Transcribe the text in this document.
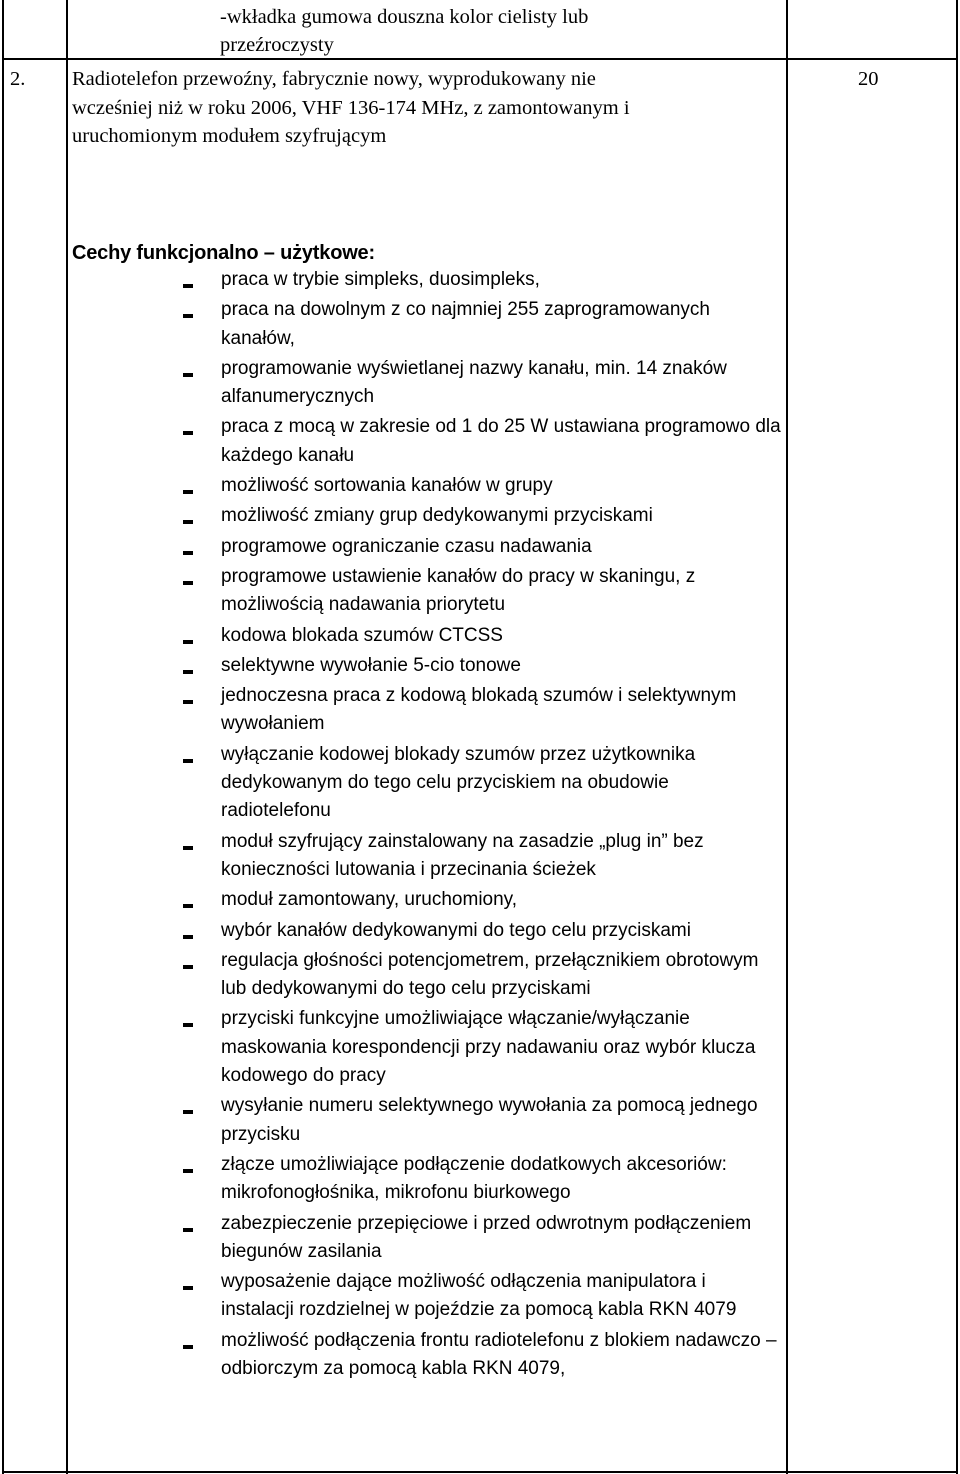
-wkładka gumowa douszna kolor cielisty lub
przeźroczysty
2. Radiotelefon przewoźny, fabrycznie nowy, wyprodukowany nie
wcześniej niż w roku 2006, VHF 136-174 MHz, z zamontowanym i
uruchomionym modułem szyfrującym
20
Cechy funkcjonalno – użytkowe:
praca w trybie simpleks, duosimpleks,
praca na dowolnym z co najmniej 255 zaprogramowanych kanałów,
programowanie wyświetlanej nazwy kanału, min. 14 znaków alfanumerycznych
praca z mocą w zakresie od 1 do 25 W ustawiana programowo dla każdego kanału
możliwość sortowania kanałów w grupy
możliwość zmiany grup dedykowanymi przyciskami
programowe ograniczanie czasu nadawania
programowe ustawienie kanałów do pracy w skaningu, z możliwością nadawania priorytetu
kodowa blokada szumów CTCSS
selektywne wywołanie 5-cio tonowe
jednoczesna praca z kodową blokadą szumów i selektywnym wywołaniem
wyłączanie kodowej blokady szumów przez użytkownika dedykowanym do tego celu przyciskiem na obudowie radiotelefonu
moduł szyfrujący zainstalowany na zasadzie „plug in” bez konieczności lutowania i przecinania ścieżek
moduł zamontowany, uruchomiony,
wybór kanałów dedykowanymi do tego celu przyciskami
regulacja głośności potencjometrem, przełącznikiem obrotowym lub dedykowanymi do tego celu przyciskami
przyciski funkcyjne umożliwiające włączanie/wyłączanie maskowania korespondencji przy nadawaniu oraz wybór klucza kodowego do pracy
wysyłanie numeru selektywnego wywołania za pomocą jednego przycisku
złącze umożliwiające podłączenie dodatkowych akcesoriów: mikrofonogłośnika, mikrofonu biurkowego
zabezpieczenie przepięciowe i przed odwrotnym podłączeniem biegunów zasilania
wyposażenie dające możliwość odłączenia manipulatora i instalacji rozdzielnej w pojeździe za pomocą kabla RKN 4079
możliwość podłączenia frontu radiotelefonu z blokiem nadawczo – odbiorczym za pomocą kabla RKN 4079,
